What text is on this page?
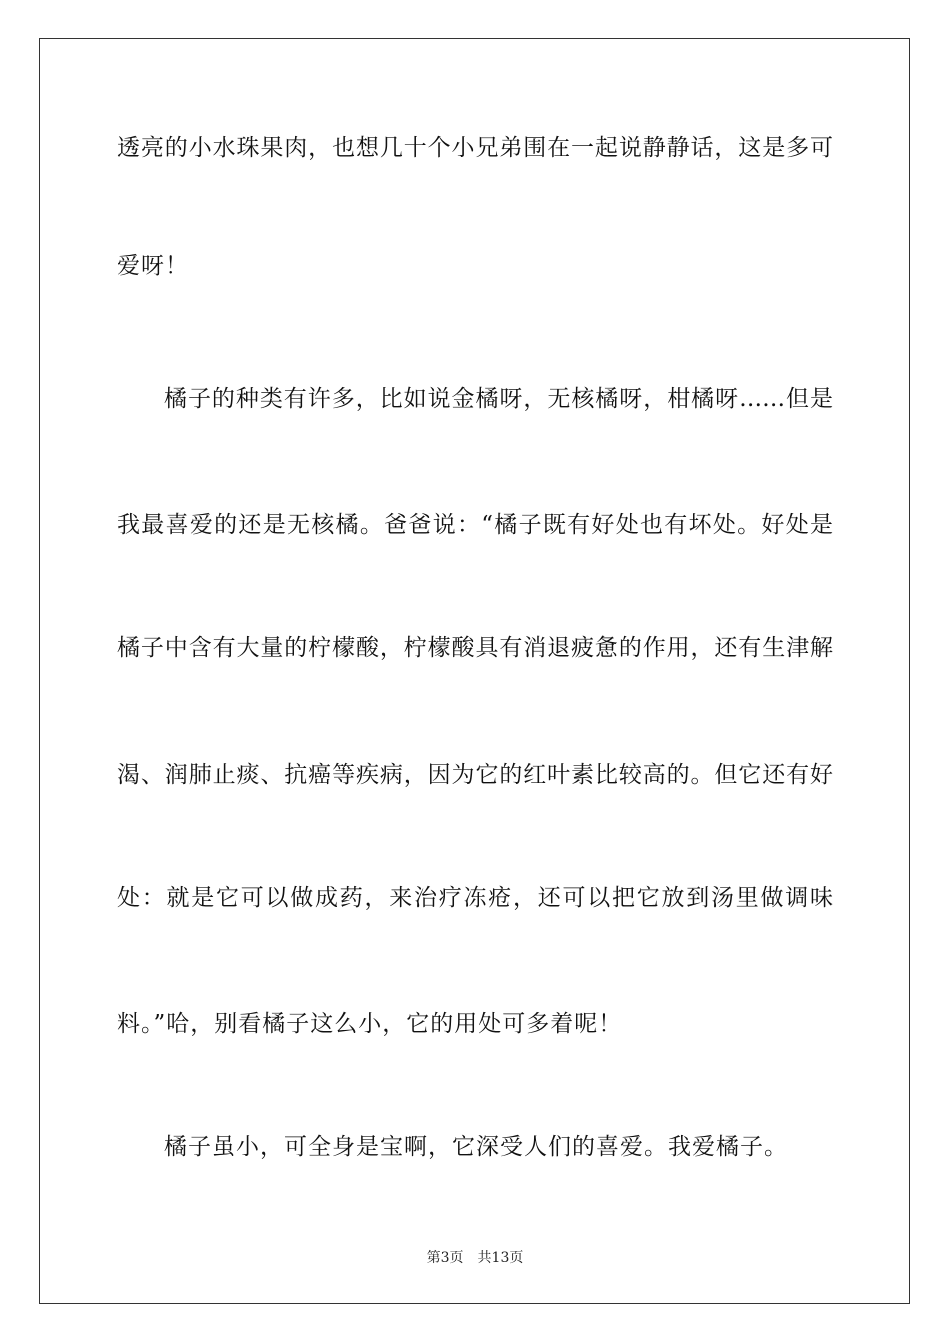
透亮的小水珠果肉，也想几十个小兄弟围在一起说静静话，这是多可
爱呀！
橘子的种类有许多，比如说金橘呀，无核橘呀，柑橘呀……但是
我最喜爱的还是无核橘。爸爸说：“橘子既有好处也有坏处。好处是
橘子中含有大量的柠檬酸，柠檬酸具有消退疲惫的作用，还有生津解
渴、润肺止痰、抗癌等疾病，因为它的红叶素比较高的。但它还有好
处：就是它可以做成药，来治疗冻疮，还可以把它放到汤里做调味
料。”哈，别看橘子这么小，它的用处可多着呢！
橘子虽小，可全身是宝啊，它深受人们的喜爱。我爱橘子。
第3页 共13页
